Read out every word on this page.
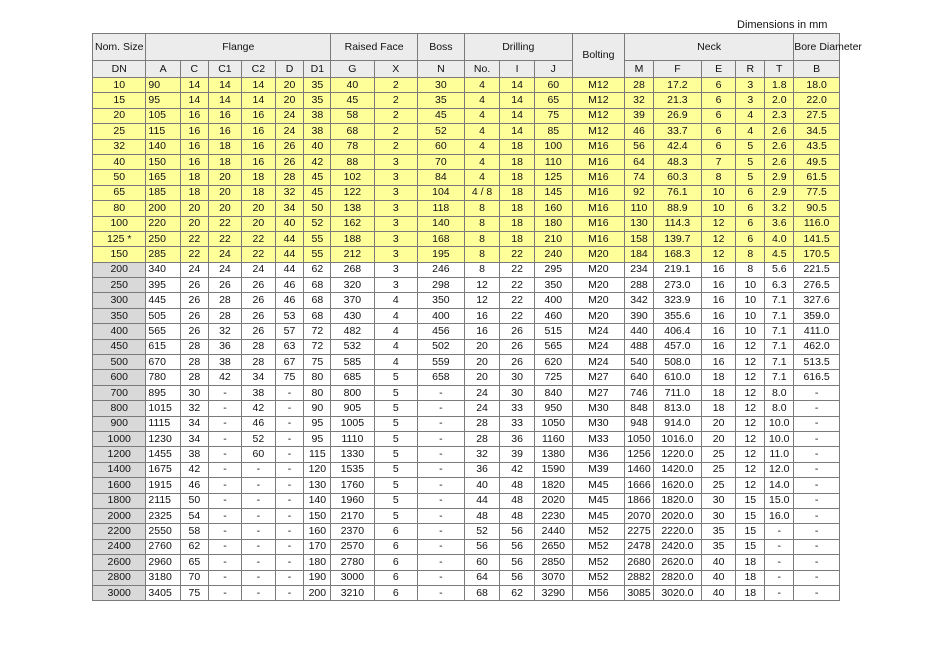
Dimensions in mm
Nom. Size	Flange						Raised Face		Boss	Drilling			Bolting	Neck					Bore Diameter
DN	A	C	C1	C2	D	D1	G	X	N	No.	I	J		M	F	E	R	T	B
10	90	14	14	14	20	35	40	2	30	4	14	60	M12	28	17.2	6	3	1.8	18.0
15	95	14	14	14	20	35	45	2	35	4	14	65	M12	32	21.3	6	3	2.0	22.0
20	105	16	16	16	24	38	58	2	45	4	14	75	M12	39	26.9	6	4	2.3	27.5
25	115	16	16	16	24	38	68	2	52	4	14	85	M12	46	33.7	6	4	2.6	34.5
32	140	16	18	16	26	40	78	2	60	4	18	100	M16	56	42.4	6	5	2.6	43.5
40	150	16	18	16	26	42	88	3	70	4	18	110	M16	64	48.3	7	5	2.6	49.5
50	165	18	20	18	28	45	102	3	84	4	18	125	M16	74	60.3	8	5	2.9	61.5
65	185	18	20	18	32	45	122	3	104	4 / 8	18	145	M16	92	76.1	10	6	2.9	77.5
80	200	20	20	20	34	50	138	3	118	8	18	160	M16	110	88.9	10	6	3.2	90.5
100	220	20	22	20	40	52	162	3	140	8	18	180	M16	130	114.3	12	6	3.6	116.0
125 *	250	22	22	22	44	55	188	3	168	8	18	210	M16	158	139.7	12	6	4.0	141.5
150	285	22	24	22	44	55	212	3	195	8	22	240	M20	184	168.3	12	8	4.5	170.5
200	340	24	24	24	44	62	268	3	246	8	22	295	M20	234	219.1	16	8	5.6	221.5
250	395	26	26	26	46	68	320	3	298	12	22	350	M20	288	273.0	16	10	6.3	276.5
300	445	26	28	26	46	68	370	4	350	12	22	400	M20	342	323.9	16	10	7.1	327.6
350	505	26	28	26	53	68	430	4	400	16	22	460	M20	390	355.6	16	10	7.1	359.0
400	565	26	32	26	57	72	482	4	456	16	26	515	M24	440	406.4	16	10	7.1	411.0
450	615	28	36	28	63	72	532	4	502	20	26	565	M24	488	457.0	16	12	7.1	462.0
500	670	28	38	28	67	75	585	4	559	20	26	620	M24	540	508.0	16	12	7.1	513.5
600	780	28	42	34	75	80	685	5	658	20	30	725	M27	640	610.0	18	12	7.1	616.5
700	895	30	-	38	-	80	800	5	-	24	30	840	M27	746	711.0	18	12	8.0	-
800	1015	32	-	42	-	90	905	5	-	24	33	950	M30	848	813.0	18	12	8.0	-
900	1115	34	-	46	-	95	1005	5	-	28	33	1050	M30	948	914.0	20	12	10.0	-
1000	1230	34	-	52	-	95	1110	5	-	28	36	1160	M33	1050	1016.0	20	12	10.0	-
1200	1455	38	-	60	-	115	1330	5	-	32	39	1380	M36	1256	1220.0	25	12	11.0	-
1400	1675	42	-	-	-	120	1535	5	-	36	42	1590	M39	1460	1420.0	25	12	12.0	-
1600	1915	46	-	-	-	130	1760	5	-	40	48	1820	M45	1666	1620.0	25	12	14.0	-
1800	2115	50	-	-	-	140	1960	5	-	44	48	2020	M45	1866	1820.0	30	15	15.0	-
2000	2325	54	-	-	-	150	2170	5	-	48	48	2230	M45	2070	2020.0	30	15	16.0	-
2200	2550	58	-	-	-	160	2370	6	-	52	56	2440	M52	2275	2220.0	35	15	-	-
2400	2760	62	-	-	-	170	2570	6	-	56	56	2650	M52	2478	2420.0	35	15	-	-
2600	2960	65	-	-	-	180	2780	6	-	60	56	2850	M52	2680	2620.0	40	18	-	-
2800	3180	70	-	-	-	190	3000	6	-	64	56	3070	M52	2882	2820.0	40	18	-	-
3000	3405	75	-	-	-	200	3210	6	-	68	62	3290	M56	3085	3020.0	40	18	-	-
